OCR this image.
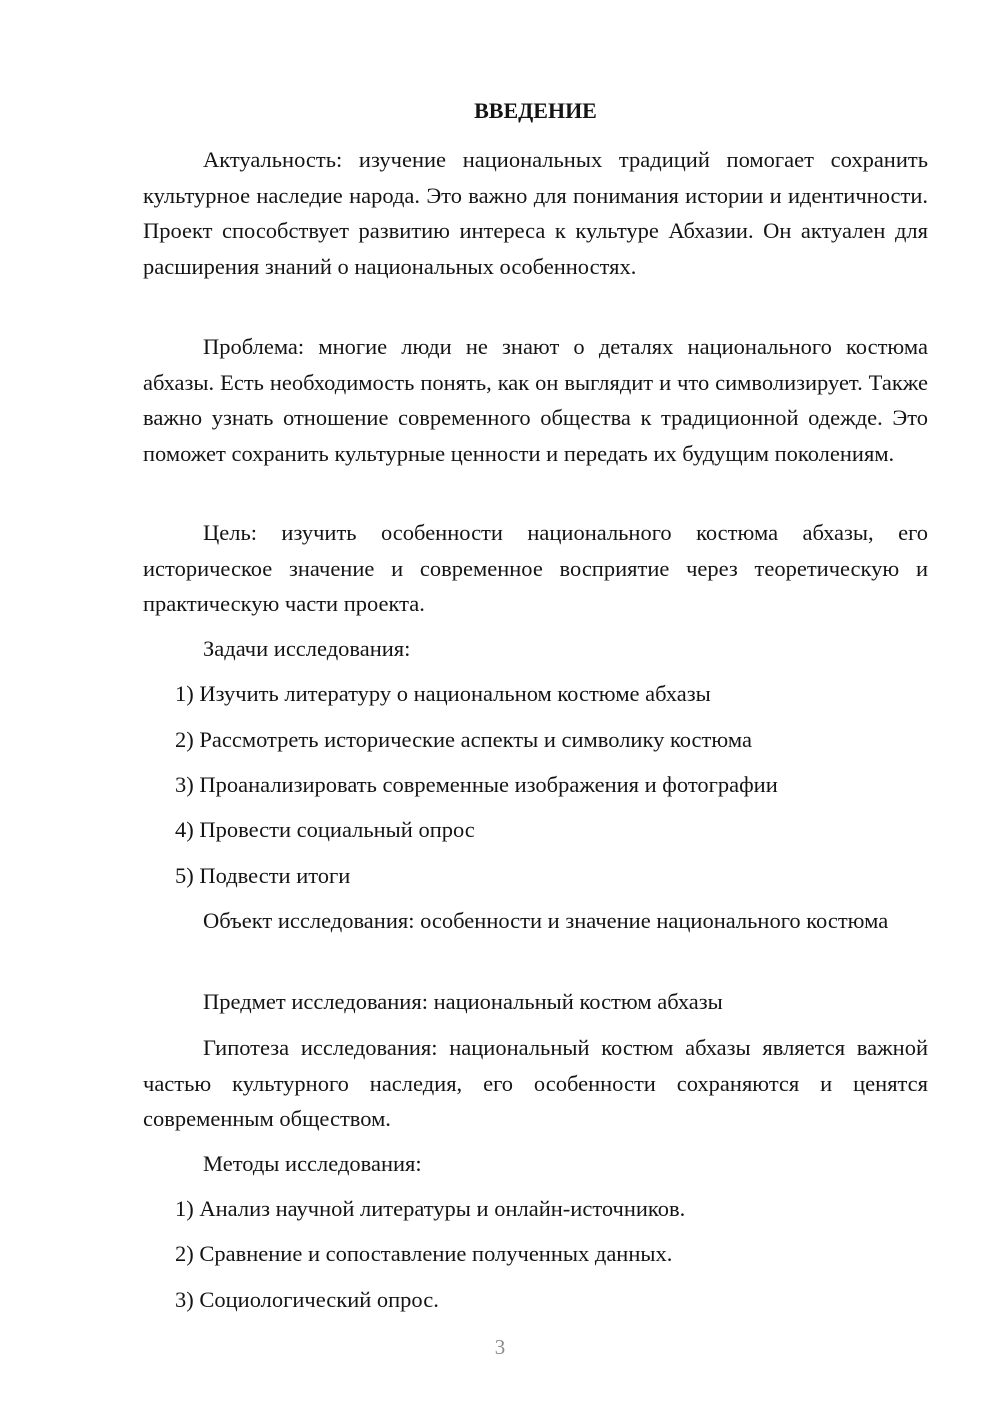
ВВЕДЕНИЕ

Актуальность: изучение национальных традиций помогает сохранить культурное наследие народа. Это важно для понимания истории и идентичности. Проект способствует развитию интереса к культуре Абхазии. Он актуален для расширения знаний о национальных особенностях.

Проблема: многие люди не знают о деталях национального костюма абхазы. Есть необходимость понять, как он выглядит и что символизирует. Также важно узнать отношение современного общества к традиционной одежде. Это поможет сохранить культурные ценности и передать их будущим поколениям.

Цель: изучить особенности национального костюма абхазы, его историческое значение и современное восприятие через теоретическую и практическую части проекта.

Задачи исследования:

1) Изучить литературу о национальном костюме абхазы

2) Рассмотреть исторические аспекты и символику костюма

3) Проанализировать современные изображения и фотографии

4) Провести социальный опрос

5) Подвести итоги

Объект исследования: особенности и значение национального костюма

Предмет исследования: национальный костюм абхазы

Гипотеза исследования: национальный костюм абхазы является важной частью культурного наследия, его особенности сохраняются и ценятся современным обществом.

Методы исследования:

1) Анализ научной литературы и онлайн-источников.

2) Сравнение и сопоставление полученных данных.

3) Социологический опрос.

3
